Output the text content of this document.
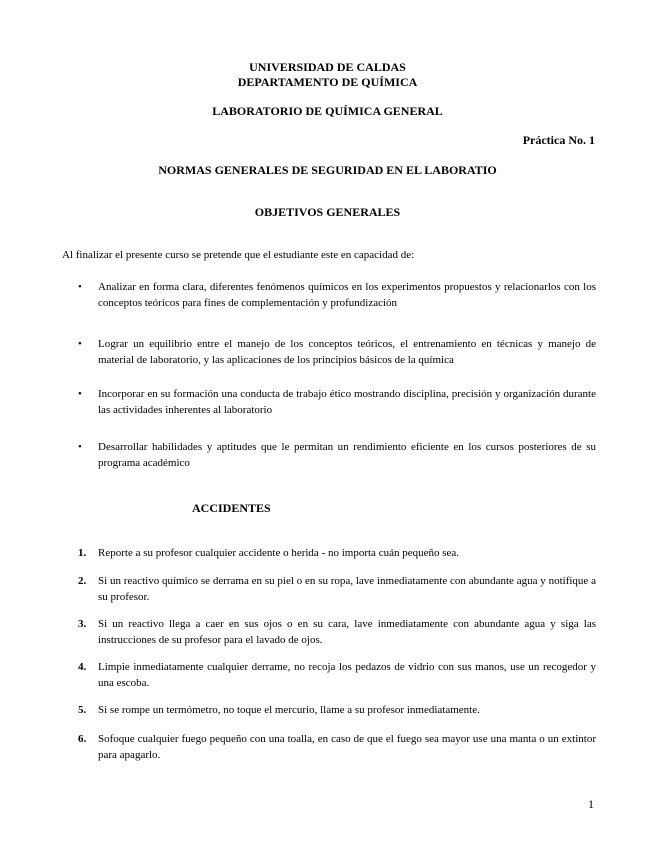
UNIVERSIDAD DE CALDAS
DEPARTAMENTO DE QUÍMICA
LABORATORIO DE QUÍMICA GENERAL
Práctica No. 1
NORMAS GENERALES DE SEGURIDAD EN EL LABORATIO
OBJETIVOS GENERALES
Al finalizar el presente curso se pretende que el estudiante este en capacidad de:
• Analizar en forma clara, diferentes fenómenos químicos en los experimentos propuestos y relacionarlos con los conceptos teóricos para fines de complementación y profundización
• Lograr un equilibrio entre el manejo de los conceptos teóricos, el entrenamiento en técnicas y manejo de material de laboratorio, y las aplicaciones de los principios básicos de la química
• Incorporar en su formación una conducta de trabajo ético mostrando disciplina, precisión y organización durante las actividades inherentes al laboratorio
• Desarrollar habilidades y aptitudes que le permitan un rendimiento eficiente en los cursos posteriores de su programa académico
ACCIDENTES
1. Reporte a su profesor cualquier accidente o herida - no importa cuán pequeño sea.
2. Si un reactivo químico se derrama en su piel o en su ropa, lave inmediatamente con abundante agua y notifique a su profesor.
3. Si un reactivo llega a caer en sus ojos o en su cara, lave inmediatamente con abundante agua y siga las instrucciones de su profesor para el lavado de ojos.
4. Limpie inmediatamente cualquier derrame, no recoja los pedazos de vidrio con sus manos, use un recogedor y una escoba.
5. Si se rompe un termómetro, no toque el mercurio, llame a su profesor inmediatamente.
6. Sofoque cualquier fuego pequeño con una toalla, en caso de que el fuego sea mayor use una manta o un extintor para apagarlo.
1
